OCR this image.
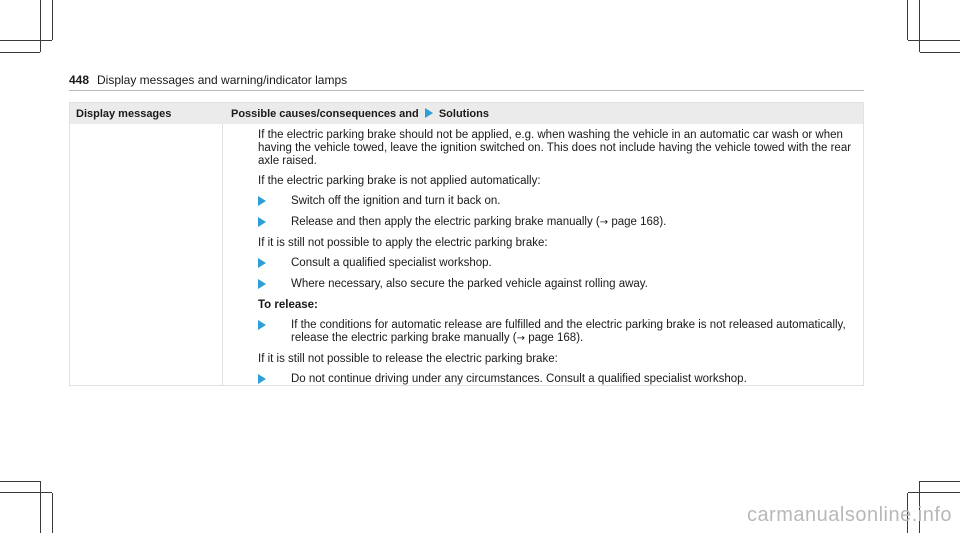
448 Display messages and warning/indicator lamps
Display messages	Possible causes/consequences and Solutions

If the electric parking brake should not be applied, e.g. when washing the vehicle in an automatic car wash or when having the vehicle towed, leave the ignition switched on. This does not include having the vehicle towed with the rear axle raised.

If the electric parking brake is not applied automatically:

Switch off the ignition and turn it back on.
Release and then apply the electric parking brake manually (→ page 168).

If it is still not possible to apply the electric parking brake:

Consult a qualified specialist workshop.
Where necessary, also secure the parked vehicle against rolling away.

To release:

If the conditions for automatic release are fulfilled and the electric parking brake is not released automatically, release the electric parking brake manually (→ page 168).

If it is still not possible to release the electric parking brake:

Do not continue driving under any circumstances. Consult a qualified specialist workshop.
carmanualsonline.info
